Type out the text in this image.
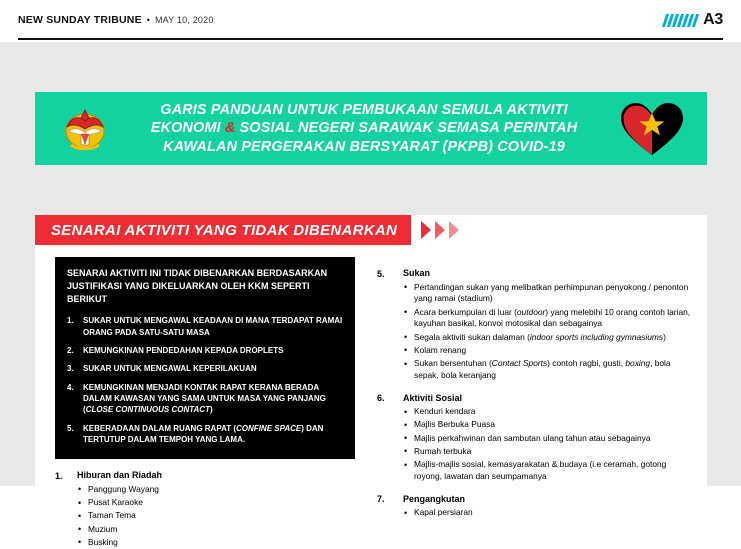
NEW SUNDAY TRIBUNE • MAY 10, 2020	A3
GARIS PANDUAN UNTUK PEMBUKAAN SEMULA AKTIVITI
EKONOMI & SOSIAL NEGERI SARAWAK SEMASA PERINTAH
KAWALAN PERGERAKAN BERSYARAT (PKPB) COVID-19
SENARAI AKTIVITI YANG TIDAK DIBENARKAN
SENARAI AKTIVITI INI TIDAK DIBENARKAN BERDASARKAN JUSTIFIKASI YANG DIKELUARKAN OLEH KKM SEPERTI BERIKUT
1.	SUKAR UNTUK MENGAWAL KEADAAN DI MANA TERDAPAT RAMAI ORANG PADA SATU-SATU MASA
2.	KEMUNGKINAN PENDEDAHAN KEPADA DROPLETS
3.	SUKAR UNTUK MENGAWAL KEPERILAKUAN
4.	KEMUNGKINAN MENJADI KONTAK RAPAT KERANA BERADA DALAM KAWASAN YANG SAMA UNTUK MASA YANG PANJANG (CLOSE CONTINUOUS CONTACT)
5.	KEBERADAAN DALAM RUANG RAPAT (CONFINE SPACE) DAN TERTUTUP DALAM TEMPOH YANG LAMA.
1.	Hiburan dan Riadah
• Panggung Wayang
• Pusat Karaoke
• Taman Tema
• Muzium
• Busking
5.	Sukan
• Pertandingan sukan yang melibatkan perhimpunan penyokong / penonton yang ramai (stadium)
• Acara berkumpulan di luar (outdoor) yang melebihi 10 orang contoh larian, kayuhan basikal, konvoi motosikal dan sebagainya
• Segala aktiviti sukan dalaman (indoor sports including gymnasiums)
• Kolam renang
• Sukan bersentuhan (Contact Sports) contoh ragbi, gusti, boxing, bola sepak, bola keranjang
6.	Aktiviti Sosial
• Kenduri kendara
• Majlis Berbuka Puasa
• Majlis perkahwinan dan sambutan ulang tahun atau sebagainya
• Rumah terbuka
• Majlis-majlis sosial, kemasyarakatan & budaya (i.e ceramah, gotong royong, lawatan dan seumpamanya
7.	Pengangkutan
• Kapal persiaran
